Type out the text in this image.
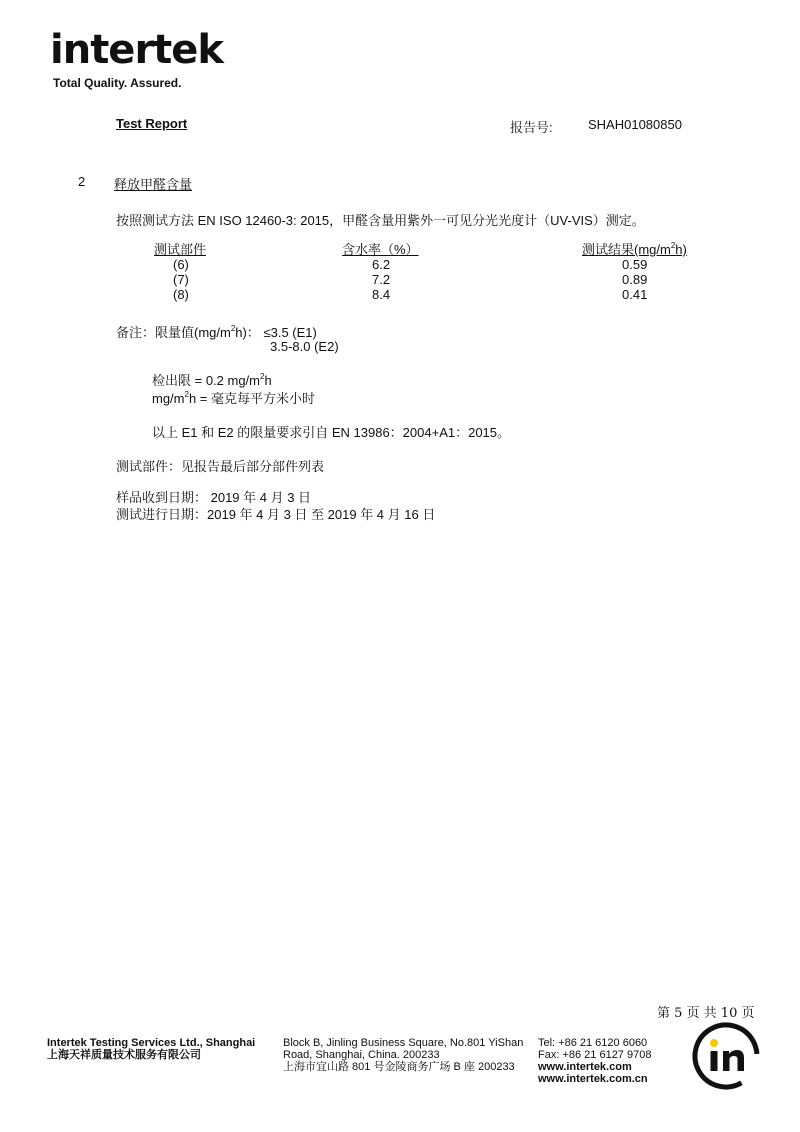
intertek
Total Quality. Assured.
Test Report	报告号:	SHAH01080850
2 释放甲醛含量
按照测试方法 EN ISO 12460-3: 2015，甲醛含量用紫外一可见分光光度计（UV-VIS）测定。
测试部件	含水率（%）	测试结果$(mg/m^2h)$
(6)	6.2	0.59
(7)	7.2	0.89
(8)	8.4	0.41
备注：限量值$(mg/m^2h)$： ≤3.5 (E1)
3.5-8.0 (E2)
检出限 = 0.2 $mg/m^2h$
$mg/m^2h$ = 毫克每平方米小时
以上 E1 和 E2 的限量要求引自 EN 13986：2004+A1：2015。
测试部件：见报告最后部分部件列表
样品收到日期： 2019 年 4 月 3 日
测试进行日期：2019 年 4 月 3 日 至 2019 年 4 月 16 日
第 5 页 共 10 页
Intertek Testing Services Ltd., Shanghai
上海天祥质量技术服务有限公司
Block B, Jinling Business Square, No.801 YiShan
Road, Shanghai, China. 200233
上海市宜山路 801 号金陵商务广场 B 座 200233
Tel: +86 21 6120 6060
Fax: +86 21 6127 9708
www.intertek.com
www.intertek.com.cn
